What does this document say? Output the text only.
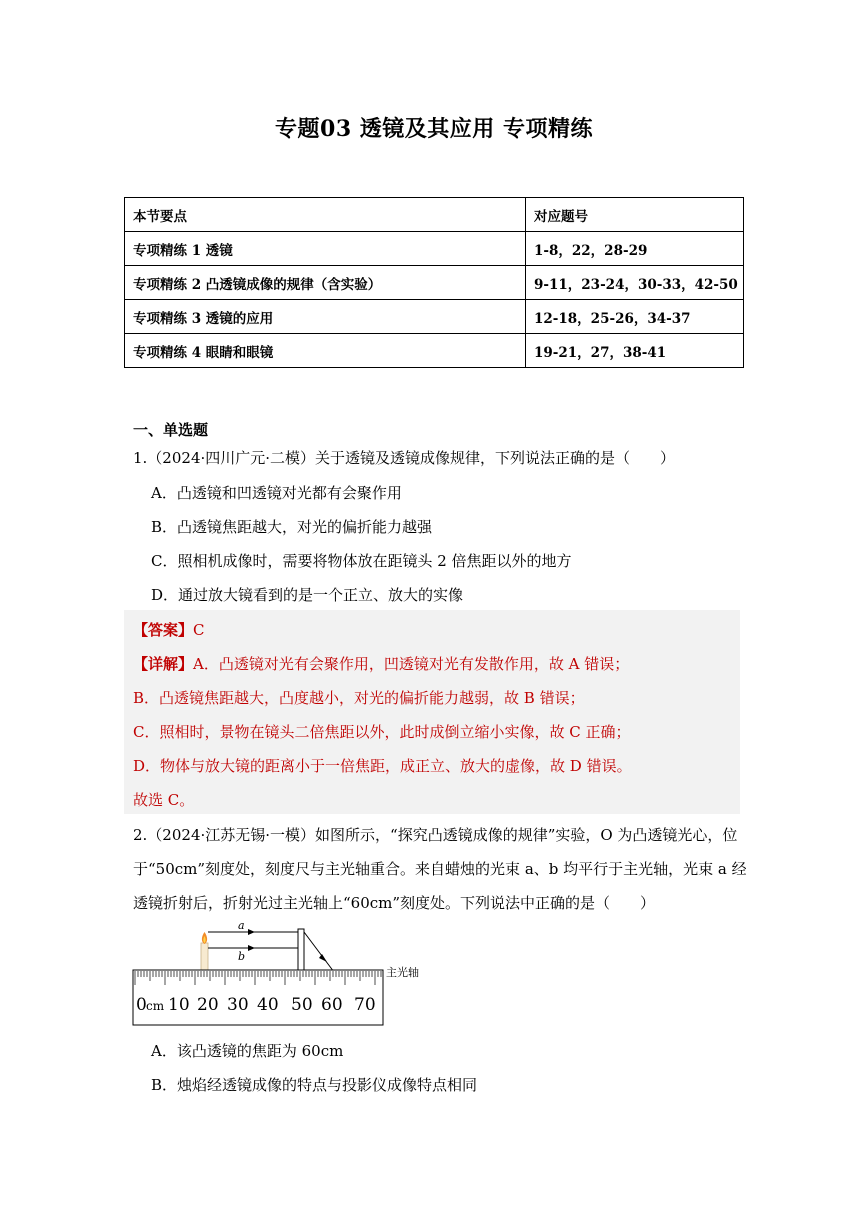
专题03 透镜及其应用 专项精练
本节要点	对应题号
专项精练 1 透镜	1-8，22，28-29
专项精练 2 凸透镜成像的规律（含实验）	9-11，23-24，30-33，42-50
专项精练 3 透镜的应用	12-18，25-26，34-37
专项精练 4 眼睛和眼镜	19-21，27，38-41
一、单选题
1.（2024·四川广元·二模）关于透镜及透镜成像规律，下列说法正确的是（　　）
A．凸透镜和凹透镜对光都有会聚作用
B．凸透镜焦距越大，对光的偏折能力越强
C．照相机成像时，需要将物体放在距镜头 2 倍焦距以外的地方
D．通过放大镜看到的是一个正立、放大的实像
【答案】C
【详解】A．凸透镜对光有会聚作用，凹透镜对光有发散作用，故 A 错误；
B．凸透镜焦距越大，凸度越小，对光的偏折能力越弱，故 B 错误；
C．照相时，景物在镜头二倍焦距以外，此时成倒立缩小实像，故 C 正确；
D．物体与放大镜的距离小于一倍焦距，成正立、放大的虚像，故 D 错误。
故选 C。
2.（2024·江苏无锡·一模）如图所示，“探究凸透镜成像的规律”实验，O 为凸透镜光心，位
于“50cm”刻度处，刻度尺与主光轴重合。来自蜡烛的光束 a、b 均平行于主光轴，光束 a 经
透镜折射后，折射光过主光轴上“60cm”刻度处。下列说法中正确的是（　　）
a
b
主光轴
0 cm 10 20 30 40 50 60 70
A．该凸透镜的焦距为 60cm
B．烛焰经透镜成像的特点与投影仪成像特点相同
